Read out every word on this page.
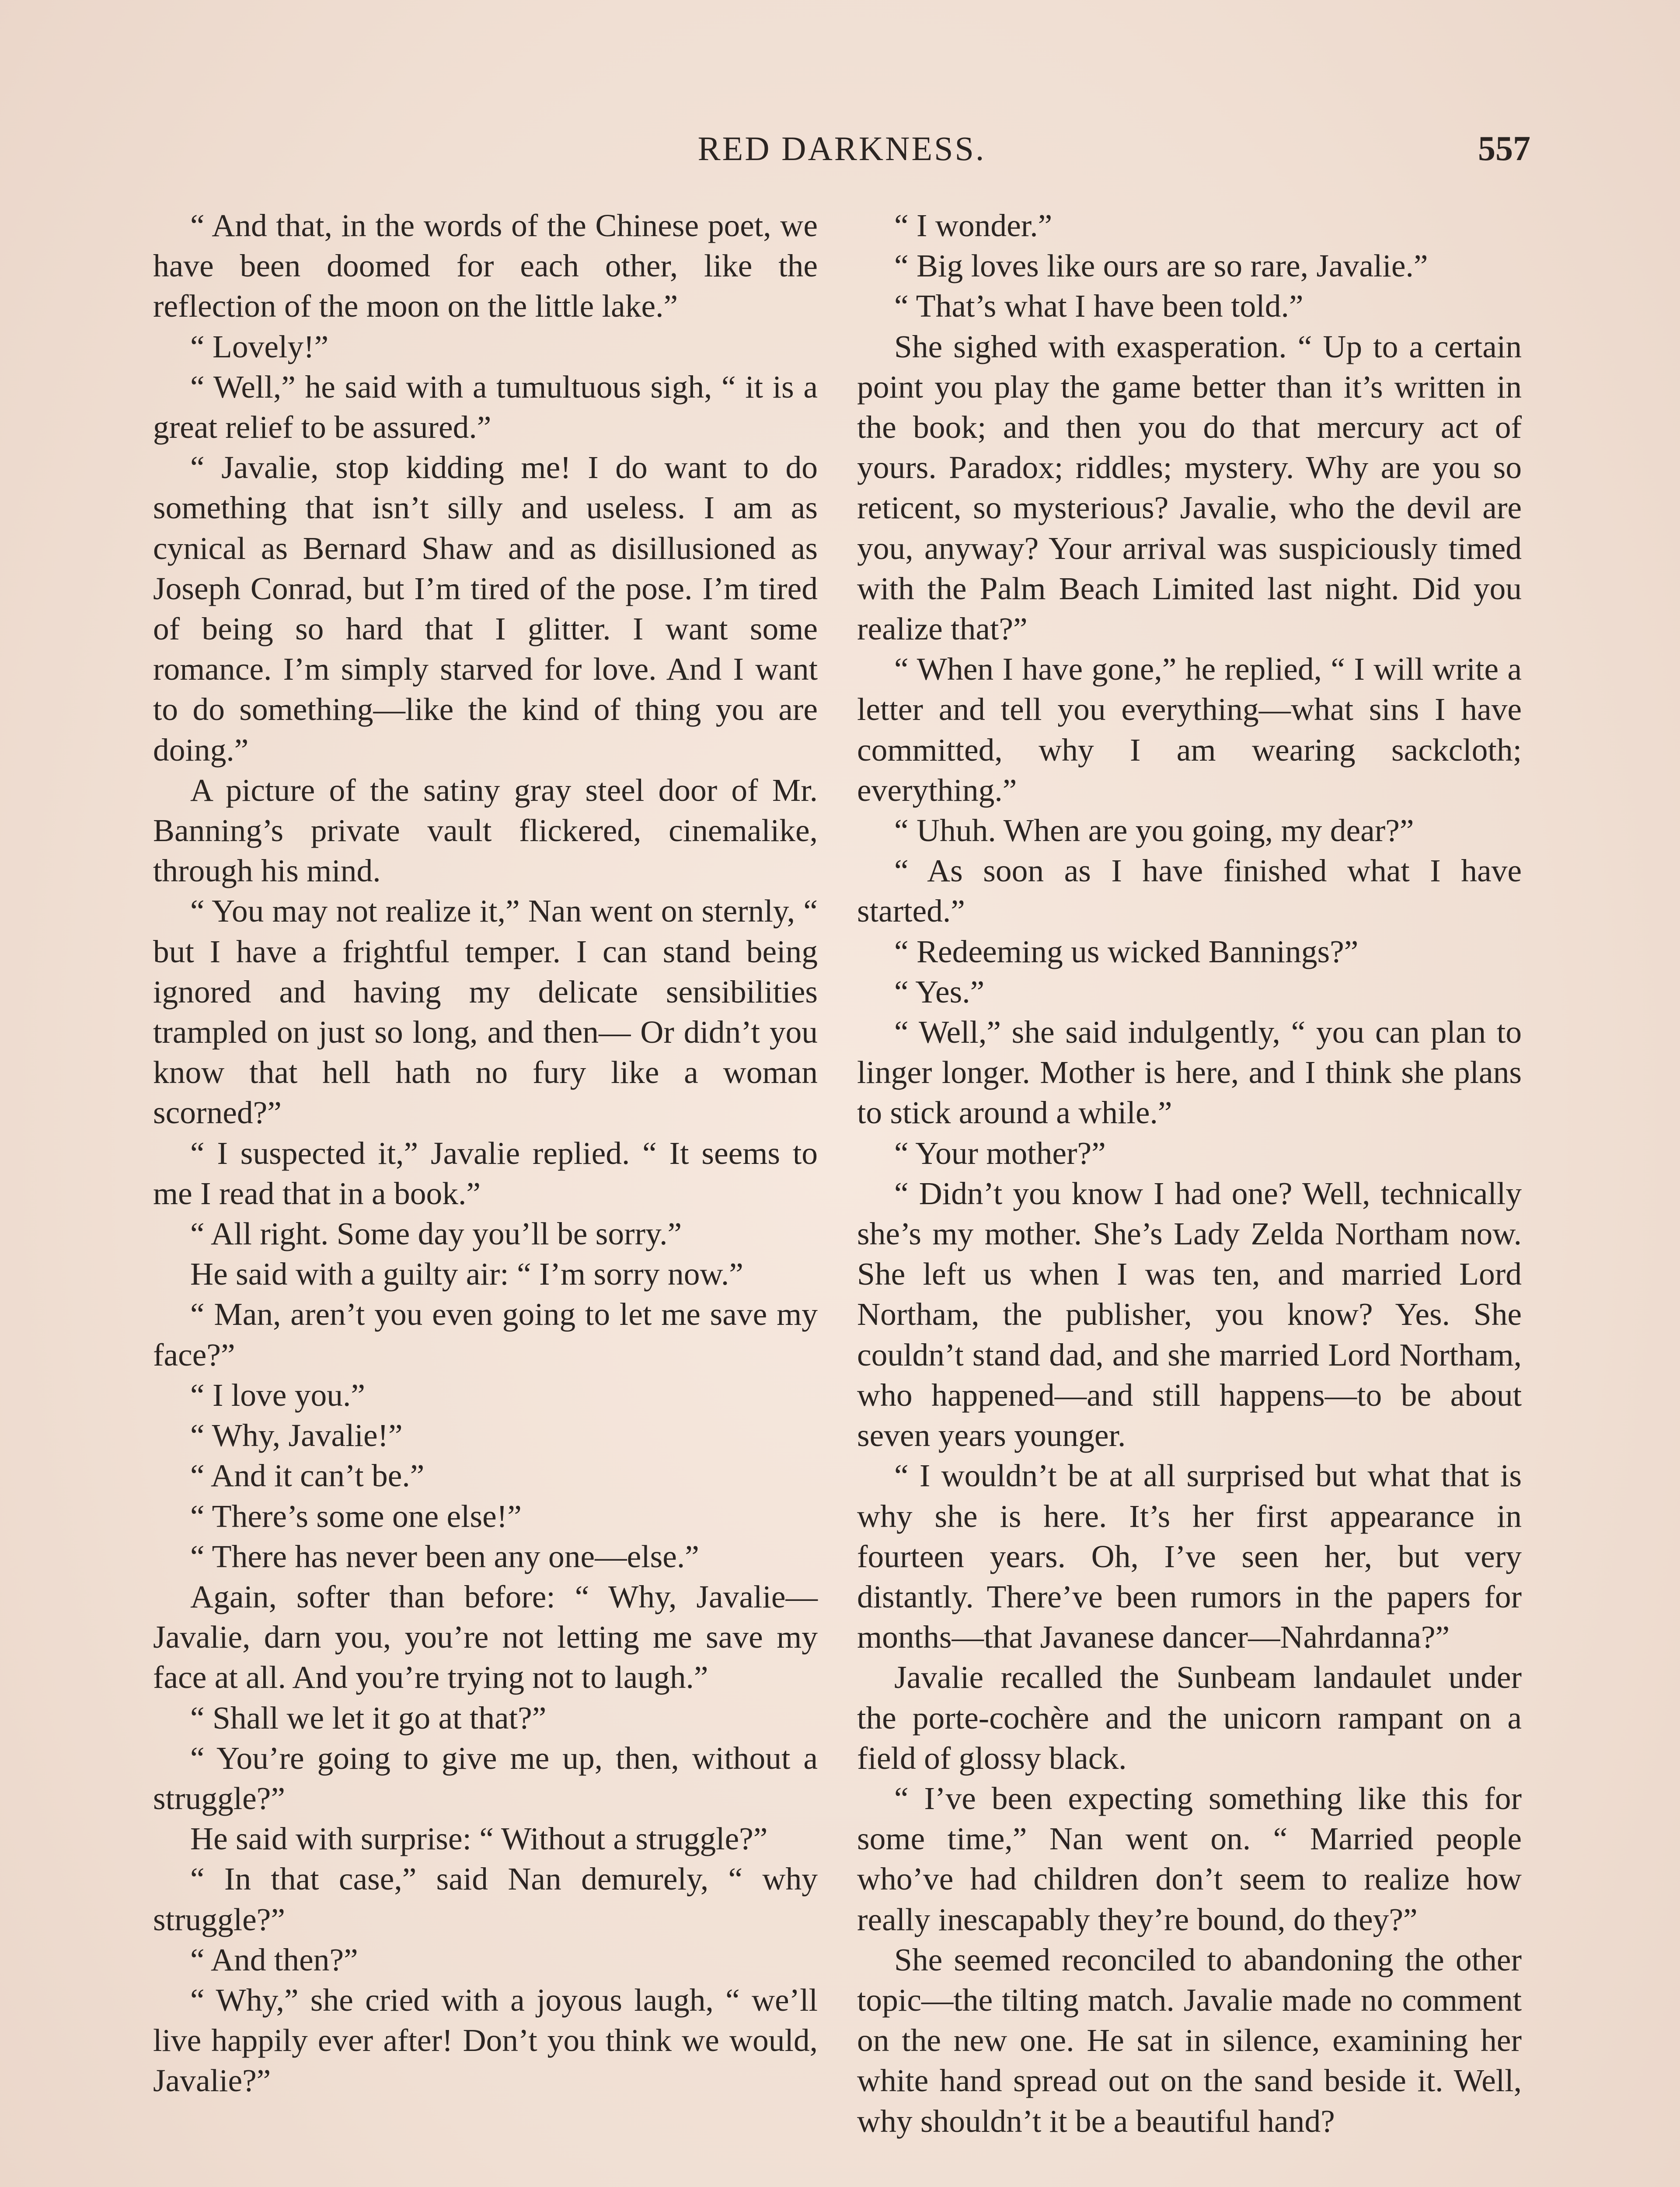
RED DARKNESS.	557

“ And that, in the words of the Chinese poet, we have been doomed for each other, like the reflection of the moon on the little lake.”

“ Lovely!”

“ Well,” he said with a tumultuous sigh, “ it is a great relief to be assured.”

“ Javalie, stop kidding me! I do want to do something that isn’t silly and useless. I am as cynical as Bernard Shaw and as disillusioned as Joseph Conrad, but I’m tired of the pose. I’m tired of being so hard that I glitter. I want some romance. I’m simply starved for love. And I want to do something—like the kind of thing you are doing.”

A picture of the satiny gray steel door of Mr. Banning’s private vault flickered, cinemalike, through his mind.

“ You may not realize it,” Nan went on sternly, “ but I have a frightful temper. I can stand being ignored and having my delicate sensibilities trampled on just so long, and then— Or didn’t you know that hell hath no fury like a woman scorned?”

“ I suspected it,” Javalie replied. “ It seems to me I read that in a book.”

“ All right. Some day you’ll be sorry.”

He said with a guilty air: “ I’m sorry now.”

“ Man, aren’t you even going to let me save my face?”

“ I love you.”

“ Why, Javalie!”

“ And it can’t be.”

“ There’s some one else!”

“ There has never been any one—else.”

Again, softer than before: “ Why, Javalie—Javalie, darn you, you’re not letting me save my face at all. And you’re trying not to laugh.”

“ Shall we let it go at that?”

“ You’re going to give me up, then, without a struggle?”

He said with surprise: “ Without a struggle?”

“ In that case,” said Nan demurely, “ why struggle?”

“ And then?”

“ Why,” she cried with a joyous laugh, “ we’ll live happily ever after! Don’t you think we would, Javalie?”

“ I wonder.”

“ Big loves like ours are so rare, Javalie.”

“ That’s what I have been told.”

She sighed with exasperation. “ Up to a certain point you play the game better than it’s written in the book; and then you do that mercury act of yours. Paradox; riddles; mystery. Why are you so reticent, so mysterious? Javalie, who the devil are you, anyway? Your arrival was suspiciously timed with the Palm Beach Limited last night. Did you realize that?”

“ When I have gone,” he replied, “ I will write a letter and tell you everything—what sins I have committed, why I am wearing sackcloth; everything.”

“ Uhuh. When are you going, my dear?”

“ As soon as I have finished what I have started.”

“ Redeeming us wicked Bannings?”

“ Yes.”

“ Well,” she said indulgently, “ you can plan to linger longer. Mother is here, and I think she plans to stick around a while.”

“ Your mother?”

“ Didn’t you know I had one? Well, technically she’s my mother. She’s Lady Zelda Northam now. She left us when I was ten, and married Lord Northam, the publisher, you know? Yes. She couldn’t stand dad, and she married Lord Northam, who happened—and still happens—to be about seven years younger.

“ I wouldn’t be at all surprised but what that is why she is here. It’s her first appearance in fourteen years. Oh, I’ve seen her, but very distantly. There’ve been rumors in the papers for months—that Javanese dancer—Nahrdanna?”

Javalie recalled the Sunbeam landaulet under the porte-cochère and the unicorn rampant on a field of glossy black.

“ I’ve been expecting something like this for some time,” Nan went on. “ Married people who’ve had children don’t seem to realize how really inescapably they’re bound, do they?”

She seemed reconciled to abandoning the other topic—the tilting match. Javalie made no comment on the new one. He sat in silence, examining her white hand spread out on the sand beside it. Well, why shouldn’t it be a beautiful hand?
